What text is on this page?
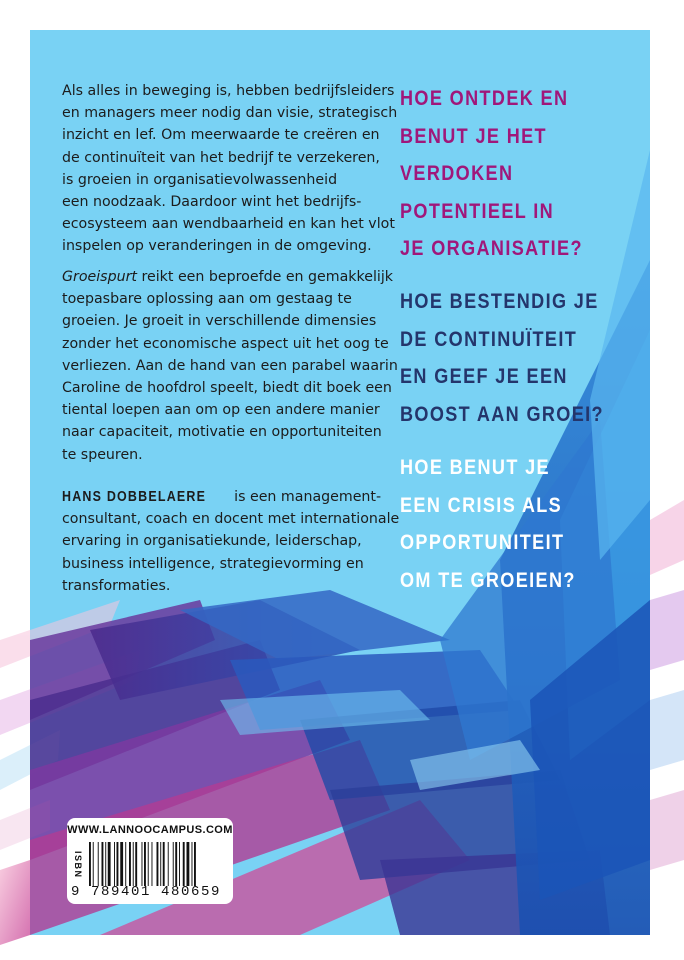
Als alles in beweging is, hebben bedrijfsleiders
en managers meer nodig dan visie, strategisch
inzicht en lef. Om meerwaarde te creëren en
de continuïteit van het bedrijf te verzekeren,
is groeien in organisatievolwassenheid
een noodzaak. Daardoor wint het bedrijfs-
ecosysteem aan wendbaarheid en kan het vlot
inspelen op veranderingen in de omgeving.
Groeispurt reikt een beproefde en gemakkelijk
toepasbare oplossing aan om gestaag te
groeien. Je groeit in verschillende dimensies
zonder het economische aspect uit het oog te
verliezen. Aan de hand van een parabel waarin
Caroline de hoofdrol speelt, biedt dit boek een
tiental loepen aan om op een andere manier
naar capaciteit, motivatie en opportuniteiten
te speuren.
HANS DOBBELAERE is een management-
consultant, coach en docent met internationale
ervaring in organisatiekunde, leiderschap,
business intelligence, strategievorming en
transformaties.
HOE ONTDEK EN
BENUT JE HET
VERDOKEN
POTENTIEEL IN
JE ORGANISATIE?
HOE BESTENDIG JE
DE CONTINUÏTEIT
EN GEEF JE EEN
BOOST AAN GROEI?
HOE BENUT JE
EEN CRISIS ALS
OPPORTUNITEIT
OM TE GROEIEN?
WWW.LANNOOCAMPUS.COM
ISBN
9 789401 480659
